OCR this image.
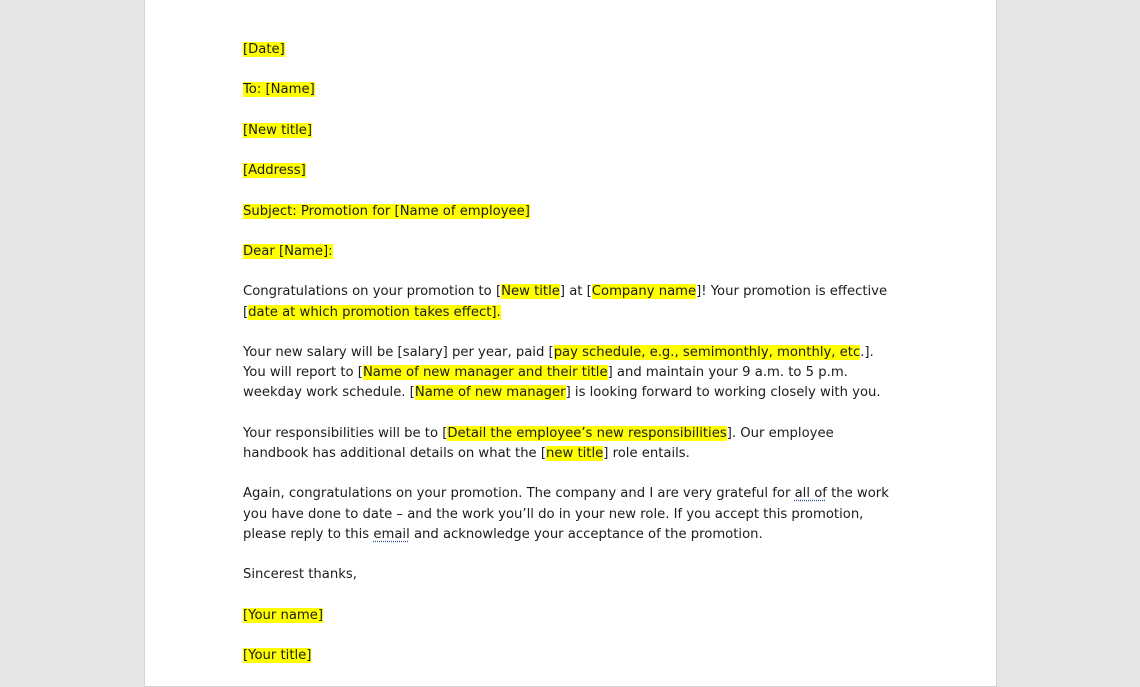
[Date]

To: [Name]

[New title]

[Address]

Subject: Promotion for [Name of employee]

Dear [Name]:

Congratulations on your promotion to [New title] at [Company name]! Your promotion is effective [date at which promotion takes effect].

Your new salary will be [salary] per year, paid [pay schedule, e.g., semimonthly, monthly, etc.]. You will report to [Name of new manager and their title] and maintain your 9 a.m. to 5 p.m. weekday work schedule. [Name of new manager] is looking forward to working closely with you.

Your responsibilities will be to [Detail the employee’s new responsibilities]. Our employee handbook has additional details on what the [new title] role entails.

Again, congratulations on your promotion. The company and I are very grateful for all of the work you have done to date – and the work you’ll do in your new role. If you accept this promotion, please reply to this email and acknowledge your acceptance of the promotion.

Sincerest thanks,

[Your name]

[Your title]
